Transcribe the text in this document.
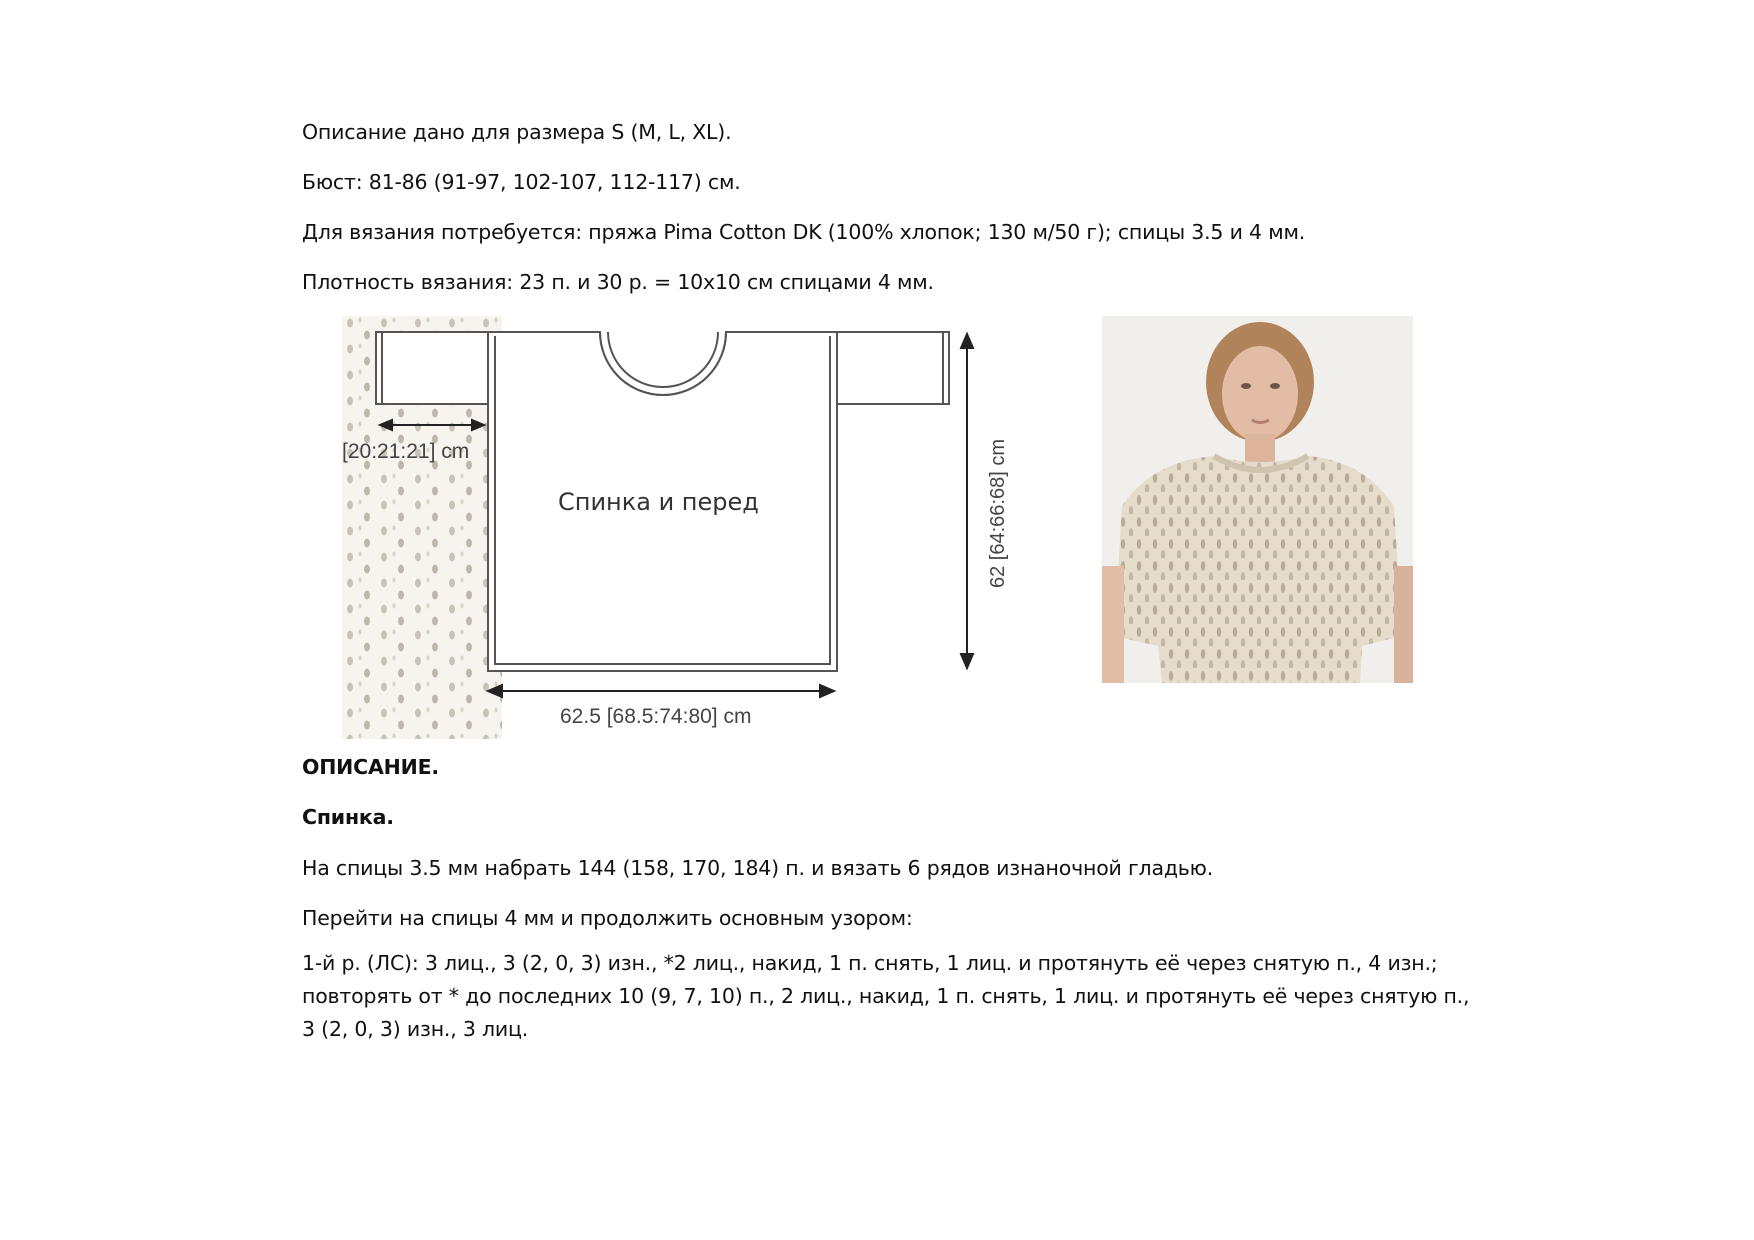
Описание дано для размера S (M, L, XL).
Бюст: 81-86 (91-97, 102-107, 112-117) см.
Для вязания потребуется: пряжа Pima Cotton DK (100% хлопок; 130 м/50 г); спицы 3.5 и 4 мм.
Плотность вязания: 23 п. и 30 р. = 10х10 см спицами 4 мм.
[20:21:21] cm
Спинка и перед	62 [64:66:68] cm
62.5 [68.5:74:80] cm
ОПИСАНИЕ.
Спинка.
На спицы 3.5 мм набрать 144 (158, 170, 184) п. и вязать 6 рядов изнаночной гладью.
Перейти на спицы 4 мм и продолжить основным узором:
1-й р. (ЛС): 3 лиц., 3 (2, 0, 3) изн., *2 лиц., накид, 1 п. снять, 1 лиц. и протянуть её через снятую п., 4 изн.;
повторять от * до последних 10 (9, 7, 10) п., 2 лиц., накид, 1 п. снять, 1 лиц. и протянуть её через снятую п.,
3 (2, 0, 3) изн., 3 лиц.
